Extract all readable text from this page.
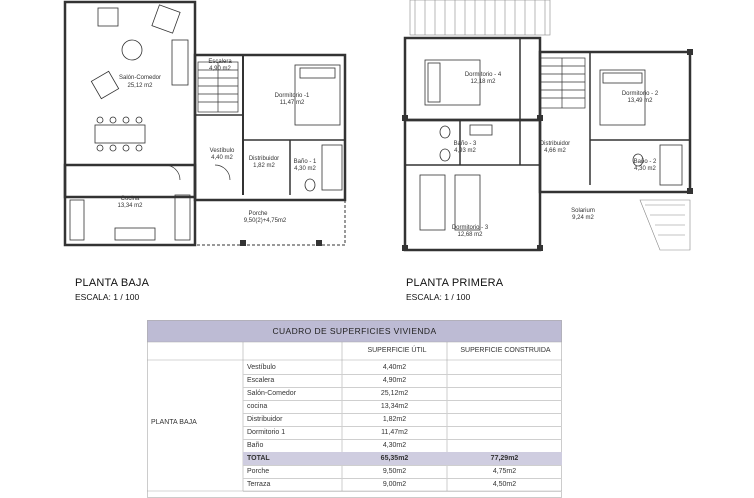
Salón-Comedor
25,12 m2
Escalera
4,90 m2
Dormitorio -1
11,47 m2
Vestíbulo
4,40 m2	Distribuidor
1,82 m2
Baño - 1
4,30 m2
Cocina
13,34 m2
Porche
9,50(2)+4,75m2
Dormitorio - 4
12,18 m2
Dormitorio - 2
13,49 m2
Baño - 3
4,93 m2
Distribuidor
4,66 m2
Baño - 2
4,30 m2
Solarium
9,24 m2
Dormitorio - 3
12,68 m2
PLANTA BAJA
ESCALA: 1 / 100
PLANTA PRIMERA
ESCALA: 1 / 100
CUADRO DE SUPERFICIES VIVIENDA
SUPERFICIE ÚTIL	SUPERFICIE CONSTRUIDA
PLANTA BAJA
Vestíbulo	4,40m2
Escalera	4,90m2
Salón-Comedor	25,12m2
cocina	13,34m2
Distribuidor	1,82m2
Dormitorio 1	11,47m2
Baño	4,30m2
TOTAL	65,35m2	77,29m2
Porche	9,50m2	4,75m2
Terraza	9,00m2	4,50m2
